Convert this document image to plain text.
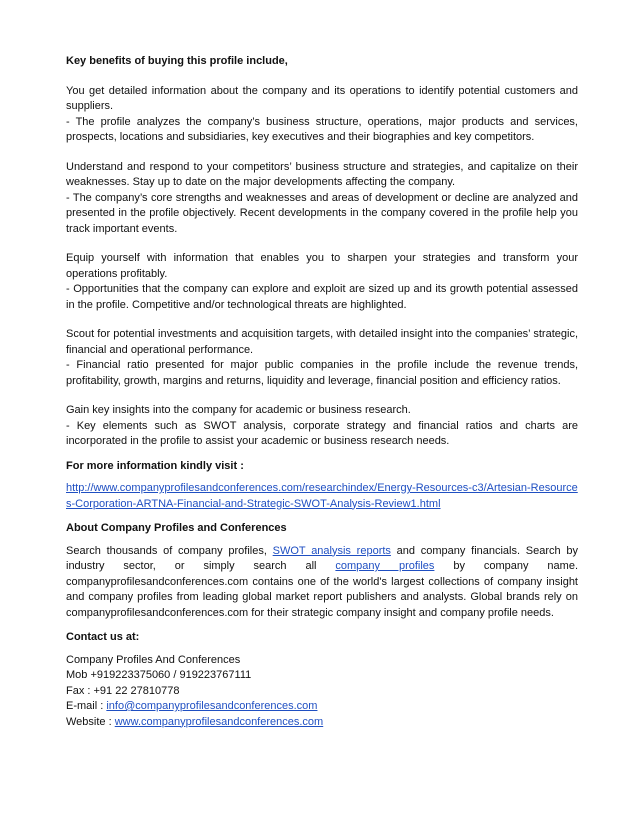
Key benefits of buying this profile include,

You get detailed information about the company and its operations to identify potential customers and suppliers.

- The profile analyzes the company’s business structure, operations, major products and services, prospects, locations and subsidiaries, key executives and their biographies and key competitors.

Understand and respond to your competitors’ business structure and strategies, and capitalize on their weaknesses. Stay up to date on the major developments affecting the company.

- The company’s core strengths and weaknesses and areas of development or decline are analyzed and presented in the profile objectively. Recent developments in the company covered in the profile help you track important events.

Equip yourself with information that enables you to sharpen your strategies and transform your operations profitably.

- Opportunities that the company can explore and exploit are sized up and its growth potential assessed in the profile. Competitive and/or technological threats are highlighted.

Scout for potential investments and acquisition targets, with detailed insight into the companies’ strategic, financial and operational performance.

- Financial ratio presented for major public companies in the profile include the revenue trends, profitability, growth, margins and returns, liquidity and leverage, financial position and efficiency ratios.

Gain key insights into the company for academic or business research.

- Key elements such as SWOT analysis, corporate strategy and financial ratios and charts are incorporated in the profile to assist your academic or business research needs.

For more information kindly visit :

http://www.companyprofilesandconferences.com/researchindex/Energy-Resources-c3/Artesian-Resources-Corporation-ARTNA-Financial-and-Strategic-SWOT-Analysis-Review1.html

About Company Profiles and Conferences

Search thousands of company profiles, SWOT analysis reports and company financials. Search by industry sector, or simply search all company profiles by company name. companyprofilesandconferences.com contains one of the world's largest collections of company insight and company profiles from leading global market report publishers and analysts. Global brands rely on companyprofilesandconferences.com for their strategic company insight and company profile needs.

Contact us at:

Company Profiles And Conferences
Mob +919223375060 / 919223767111
Fax : +91 22 27810778
E-mail : info@companyprofilesandconferences.com
Website : www.companyprofilesandconferences.com
